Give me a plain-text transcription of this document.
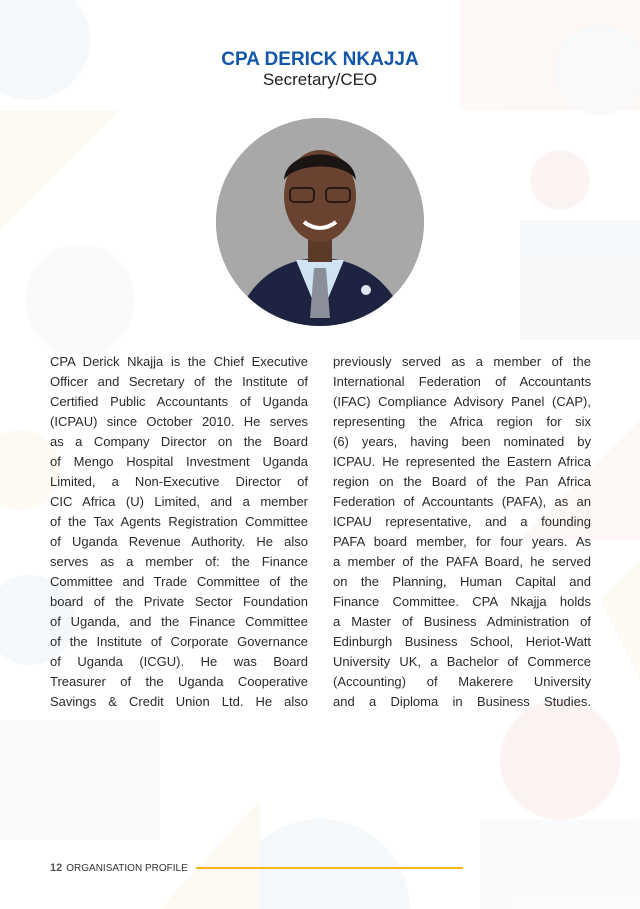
CPA DERICK NKAJJA
Secretary/CEO
CPA Derick Nkajja is the Chief Executive
Officer and Secretary of the Institute of
Certified Public Accountants of Uganda
(ICPAU) since October 2010. He serves
as a Company Director on the Board
of Mengo Hospital Investment Uganda
Limited, a Non-Executive Director of
CIC Africa (U) Limited, and a member
of the Tax Agents Registration Committee
of Uganda Revenue Authority. He also
serves as a member of: the Finance
Committee and Trade Committee of the
board of the Private Sector Foundation
of Uganda, and the Finance Committee
of the Institute of Corporate Governance
of Uganda (ICGU). He was Board
Treasurer of the Uganda Cooperative
Savings & Credit Union Ltd. He also
previously served as a member of the
International Federation of Accountants
(IFAC) Compliance Advisory Panel (CAP),
representing the Africa region for six
(6) years, having been nominated by
ICPAU. He represented the Eastern Africa
region on the Board of the Pan Africa
Federation of Accountants (PAFA), as an
ICPAU representative, and a founding
PAFA board member, for four years. As
a member of the PAFA Board, he served
on the Planning, Human Capital and
Finance Committee. CPA Nkajja holds
a Master of Business Administration of
Edinburgh Business School, Heriot-Watt
University UK, a Bachelor of Commerce
(Accounting) of Makerere University
and a Diploma in Business Studies.
12 ORGANISATION PROFILE
